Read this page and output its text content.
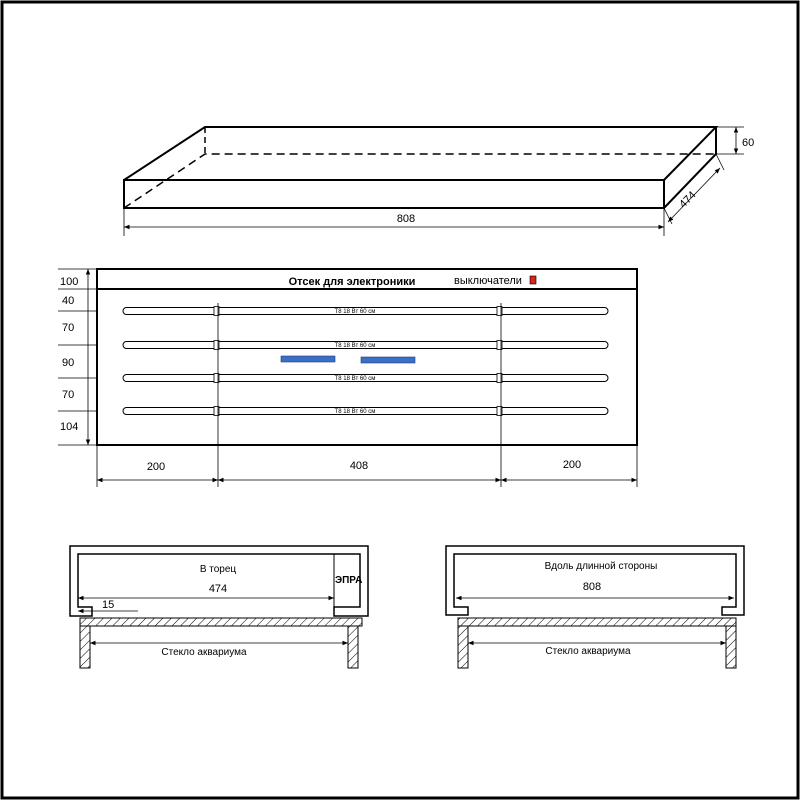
808
474
60
Отсек для электроники	выключатели
Т8 18 Вт 60 см
Т8 18 Вт 60 см
Т8 18 Вт 60 см
Т8 18 Вт 60 см
200	408	200
100
40
70
90
70
104
ЭПРА
В торец
474
15
Стекло аквариума
Вдоль длинной стороны
808
Стекло аквариума
